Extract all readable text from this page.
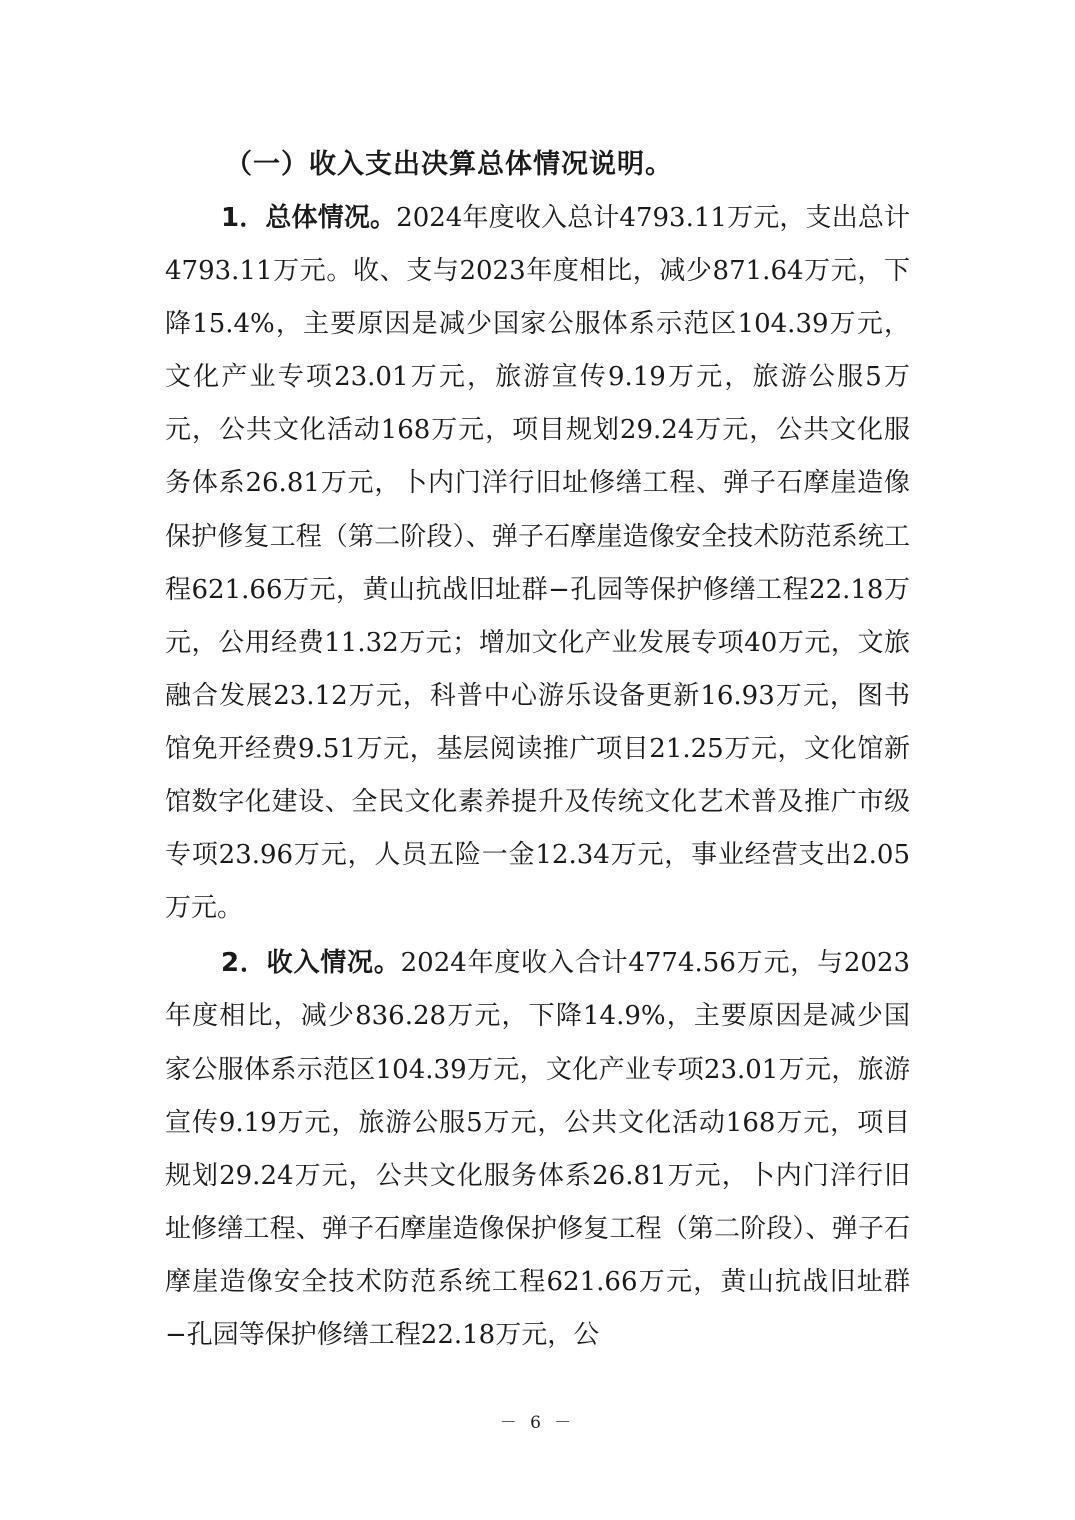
（一）收入支出决算总体情况说明。

1．总体情况。2024年度收入总计4793.11万元，支出总计4793.11万元。收、支与2023年度相比，减少871.64万元，下降15.4%，主要原因是减少国家公服体系示范区104.39万元，文化产业专项23.01万元，旅游宣传9.19万元，旅游公服5万元，公共文化活动168万元，项目规划29.24万元，公共文化服务体系26.81万元，卜内门洋行旧址修缮工程、弹子石摩崖造像保护修复工程（第二阶段）、弹子石摩崖造像安全技术防范系统工程621.66万元，黄山抗战旧址群−孔园等保护修缮工程22.18万元，公用经费11.32万元；增加文化产业发展专项40万元，文旅融合发展23.12万元，科普中心游乐设备更新16.93万元，图书馆免开经费9.51万元，基层阅读推广项目21.25万元，文化馆新馆数字化建设、全民文化素养提升及传统文化艺术普及推广市级专项23.96万元，人员五险一金12.34万元，事业经营支出2.05万元。

2．收入情况。2024年度收入合计4774.56万元，与2023年度相比，减少836.28万元，下降14.9%，主要原因是减少国家公服体系示范区104.39万元，文化产业专项23.01万元，旅游宣传9.19万元，旅游公服5万元，公共文化活动168万元，项目规划29.24万元，公共文化服务体系26.81万元，卜内门洋行旧址修缮工程、弹子石摩崖造像保护修复工程（第二阶段）、弹子石摩崖造像安全技术防范系统工程621.66万元，黄山抗战旧址群−孔园等保护修缮工程22.18万元，公

－ 6 －
